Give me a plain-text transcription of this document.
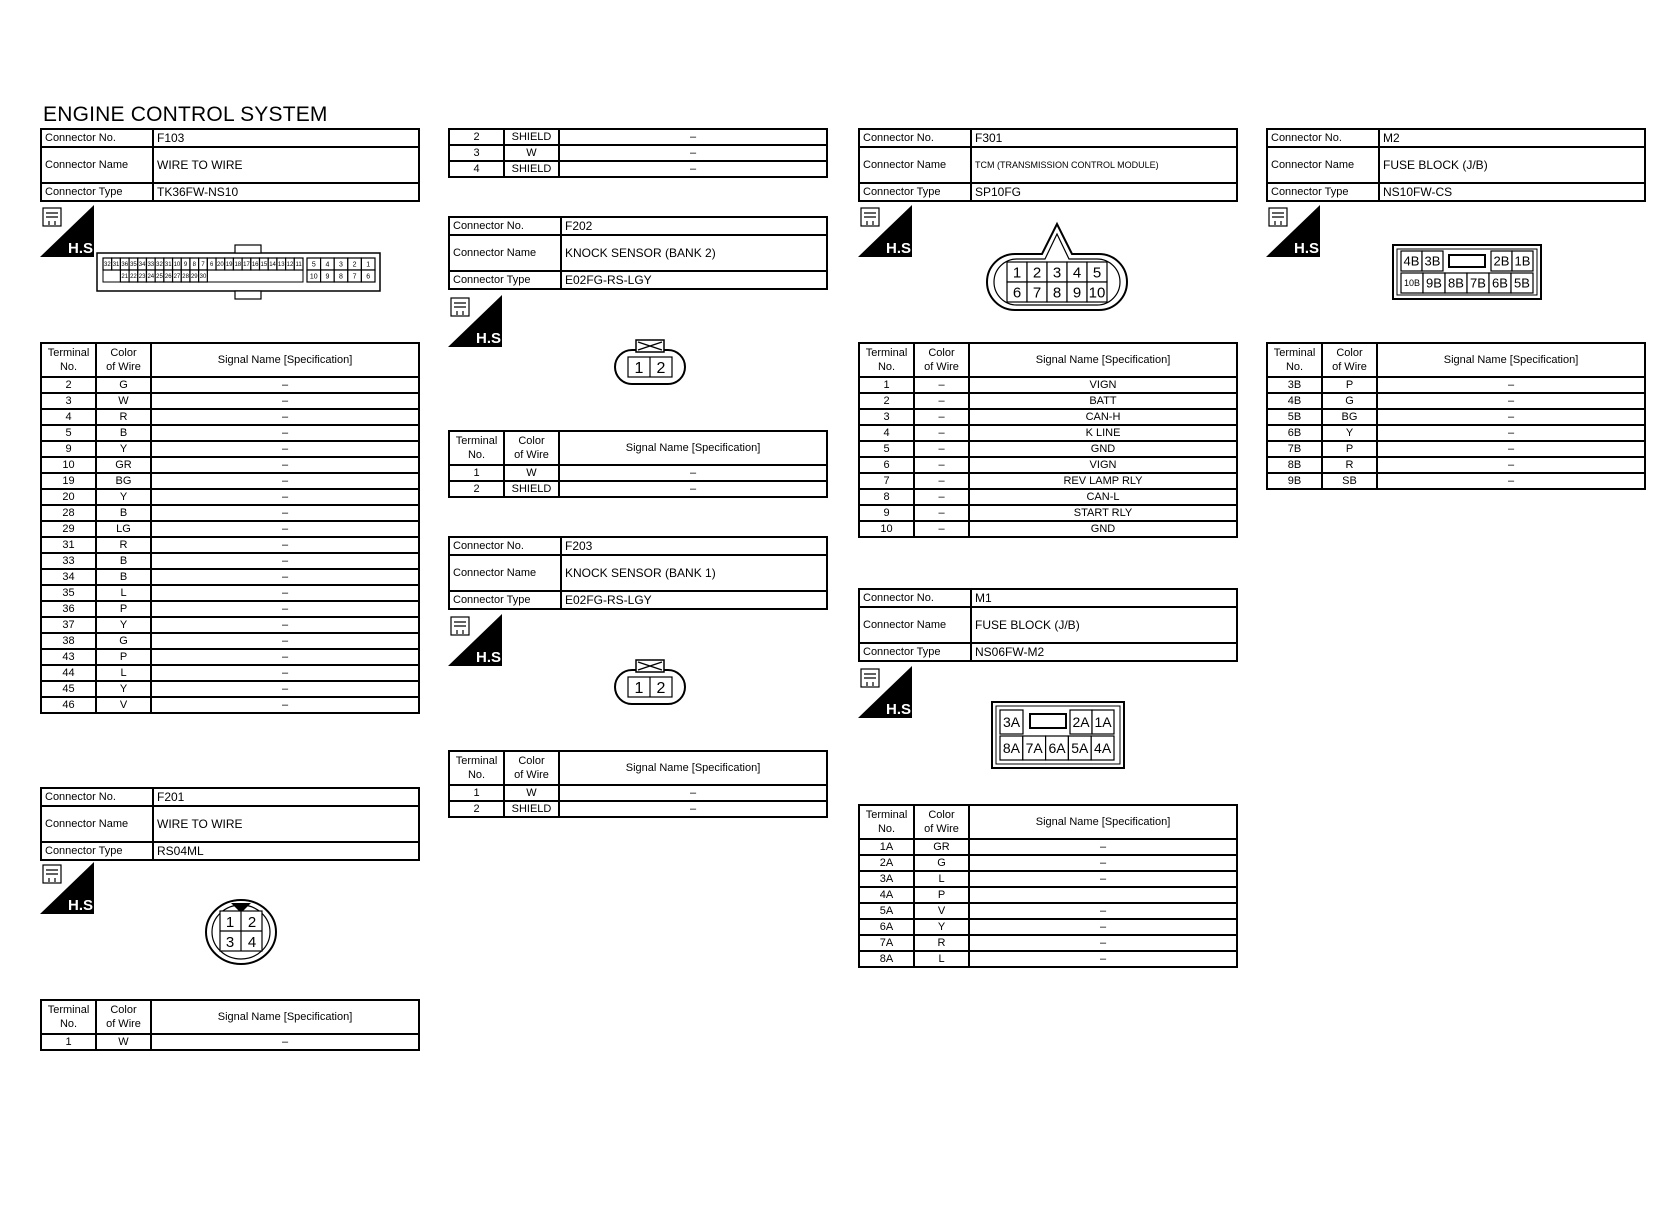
ENGINE CONTROL SYSTEM
Connector No.	F103
Connector Name	WIRE TO WIRE
Connector Type	TK36FW-NS10
H.S.
32 31 36 35 34 33 32 31 10 9 8 7 6 20 19 18 17 16 15 14 13 12 11
21 22 23 24 25 26 27 28 29 30
5 4 3 2 1
10 9 8 7 6
Terminal
No.	Color
of Wire	Signal Name [Specification]
2	G	–
3	W	–
4	R	–
5	B	–
9	Y	–
10	GR	–
19	BG	–
20	Y	–
28	B	–
29	LG	–
31	R	–
33	B	–
34	B	–
35	L	–
36	P	–
37	Y	–
38	G	–
43	P	–
44	L	–
45	Y	–
46	V	–
Connector No.	F201
Connector Name	WIRE TO WIRE
Connector Type	RS04ML
H.S.
1 2
3 4
Terminal
No.	Color
of Wire	Signal Name [Specification]
1	W	–
2	SHIELD	–
3	W	–
4	SHIELD	–
Connector No.	F202
Connector Name	KNOCK SENSOR (BANK 2)
Connector Type	E02FG-RS-LGY
H.S.
1 2
Terminal
No.	Color
of Wire	Signal Name [Specification]
1	W	–
2	SHIELD	–
Connector No.	F203
Connector Name	KNOCK SENSOR (BANK 1)
Connector Type	E02FG-RS-LGY
H.S.
1 2
Terminal
No.	Color
of Wire	Signal Name [Specification]
1	W	–
2	SHIELD	–
Connector No.	F301
Connector Name	TCM (TRANSMISSION CONTROL MODULE)
Connector Type	SP10FG
H.S.
1 2 3 4 5
6 7 8 9 10
Terminal
No.	Color
of Wire	Signal Name [Specification]
1	–	VIGN
2	–	BATT
3	–	CAN-H
4	–	K LINE
5	–	GND
6	–	VIGN
7	–	REV LAMP RLY
8	–	CAN-L
9	–	START RLY
10	–	GND
Connector No.	M1
Connector Name	FUSE BLOCK (J/B)
Connector Type	NS06FW-M2
H.S.
3A	2A 1A
8A 7A 6A 5A 4A
Terminal
No.	Color
of Wire	Signal Name [Specification]
1A	GR	–
2A	G	–
3A	L	–
4A	P	
5A	V	–
6A	Y	–
7A	R	–
8A	L	–
Connector No.	M2
Connector Name	FUSE BLOCK (J/B)
Connector Type	NS10FW-CS
H.S.
4B 3B	2B 1B
10B 9B 8B 7B 6B 5B
Terminal
No.	Color
of Wire	Signal Name [Specification]
3B	P	–
4B	G	–
5B	BG	–
6B	Y	–
7B	P	–
8B	R	–
9B	SB	–
